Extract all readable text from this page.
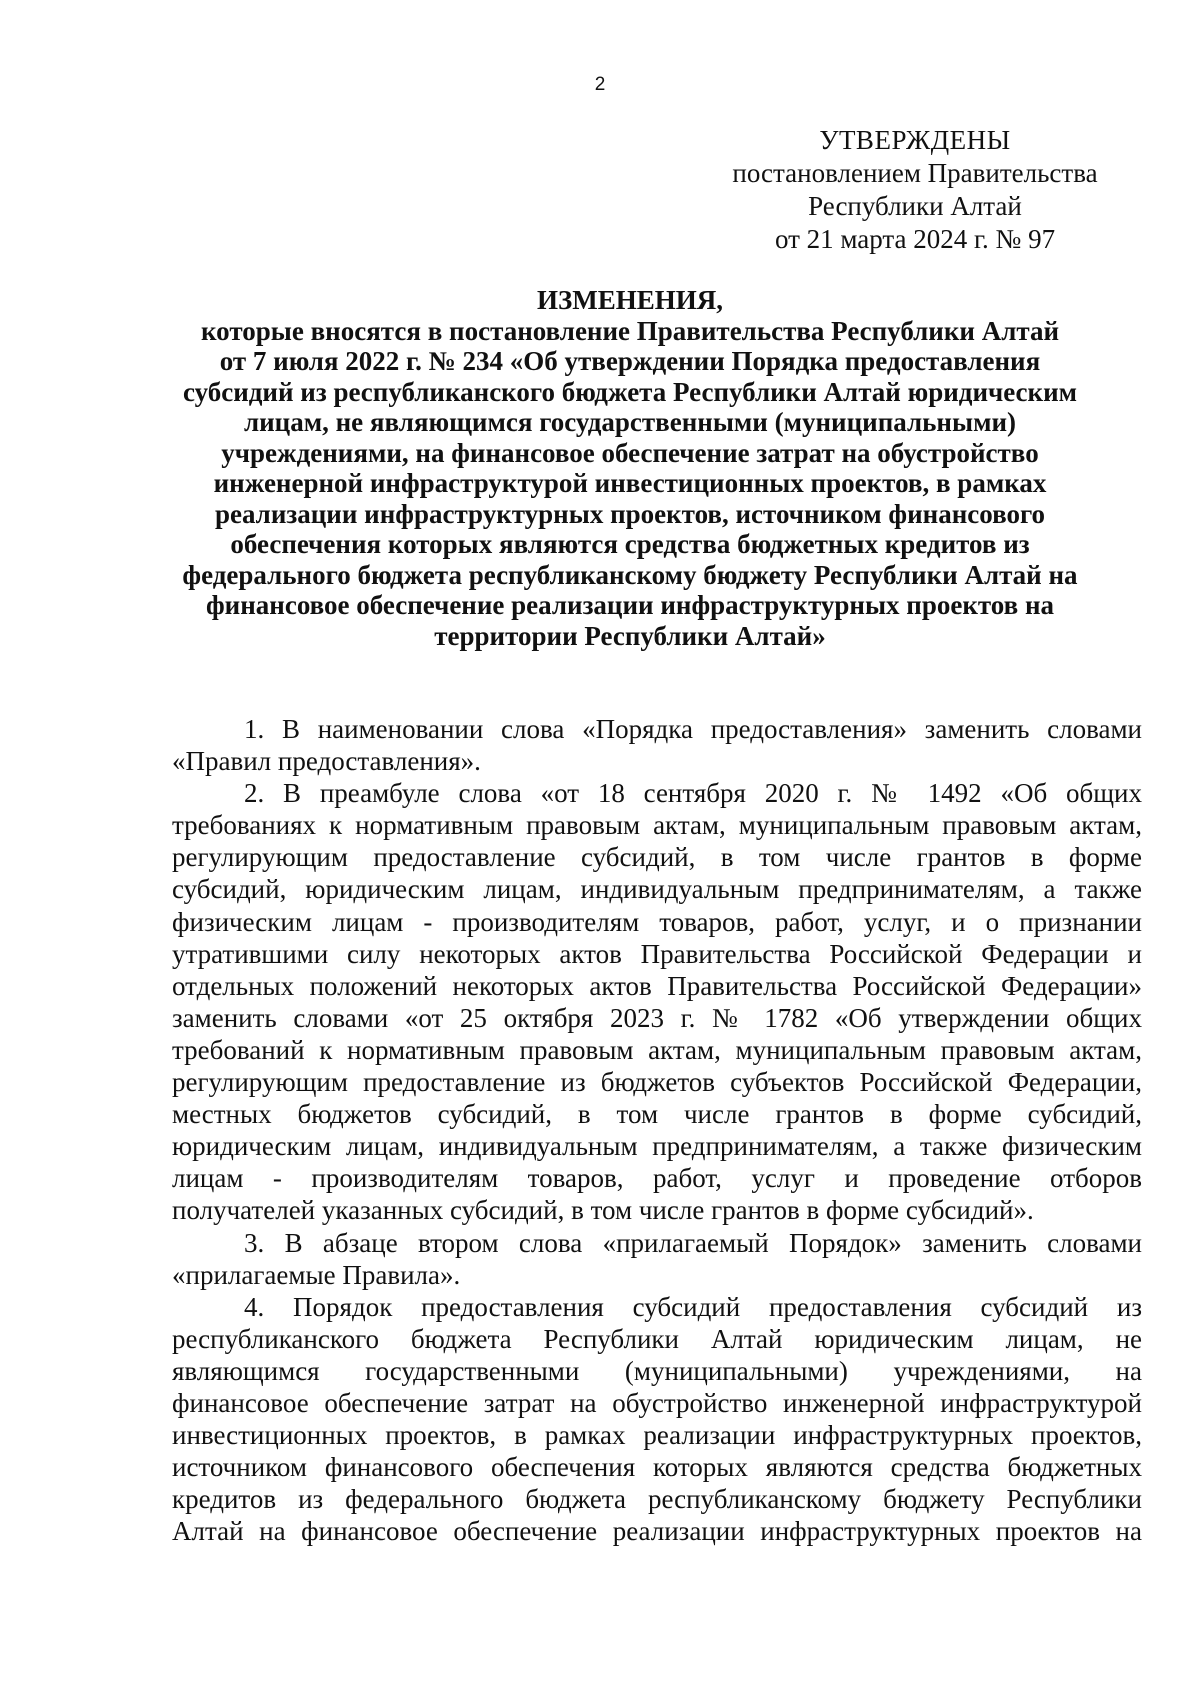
2
УТВЕРЖДЕНЫ
постановлением Правительства
Республики Алтай
от 21 марта 2024 г. № 97
ИЗМЕНЕНИЯ,
которые вносятся в постановление Правительства Республики Алтай
от 7 июля 2022 г. № 234 «Об утверждении Порядка предоставления
субсидий из республиканского бюджета Республики Алтай юридическим
лицам, не являющимся государственными (муниципальными)
учреждениями, на финансовое обеспечение затрат на обустройство
инженерной инфраструктурой инвестиционных проектов, в рамках
реализации инфраструктурных проектов, источником финансового
обеспечения которых являются средства бюджетных кредитов из
федерального бюджета республиканскому бюджету Республики Алтай на
финансовое обеспечение реализации инфраструктурных проектов на
территории Республики Алтай»
1. В наименовании слова «Порядка предоставления» заменить словами
«Правил предоставления».
2. В преамбуле слова «от 18 сентября 2020 г. № 1492 «Об общих
требованиях к нормативным правовым актам, муниципальным правовым актам,
регулирующим предоставление субсидий, в том числе грантов в форме
субсидий, юридическим лицам, индивидуальным предпринимателям, а также
физическим лицам - производителям товаров, работ, услуг, и о признании
утратившими силу некоторых актов Правительства Российской Федерации и
отдельных положений некоторых актов Правительства Российской Федерации»
заменить словами «от 25 октября 2023 г. № 1782 «Об утверждении общих
требований к нормативным правовым актам, муниципальным правовым актам,
регулирующим предоставление из бюджетов субъектов Российской Федерации,
местных бюджетов субсидий, в том числе грантов в форме субсидий,
юридическим лицам, индивидуальным предпринимателям, а также физическим
лицам - производителям товаров, работ, услуг и проведение отборов
получателей указанных субсидий, в том числе грантов в форме субсидий».
3. В абзаце втором слова «прилагаемый Порядок» заменить словами
«прилагаемые Правила».
4. Порядок предоставления субсидий предоставления субсидий из
республиканского бюджета Республики Алтай юридическим лицам, не
являющимся государственными (муниципальными) учреждениями, на
финансовое обеспечение затрат на обустройство инженерной инфраструктурой
инвестиционных проектов, в рамках реализации инфраструктурных проектов,
источником финансового обеспечения которых являются средства бюджетных
кредитов из федерального бюджета республиканскому бюджету Республики
Алтай на финансовое обеспечение реализации инфраструктурных проектов на
